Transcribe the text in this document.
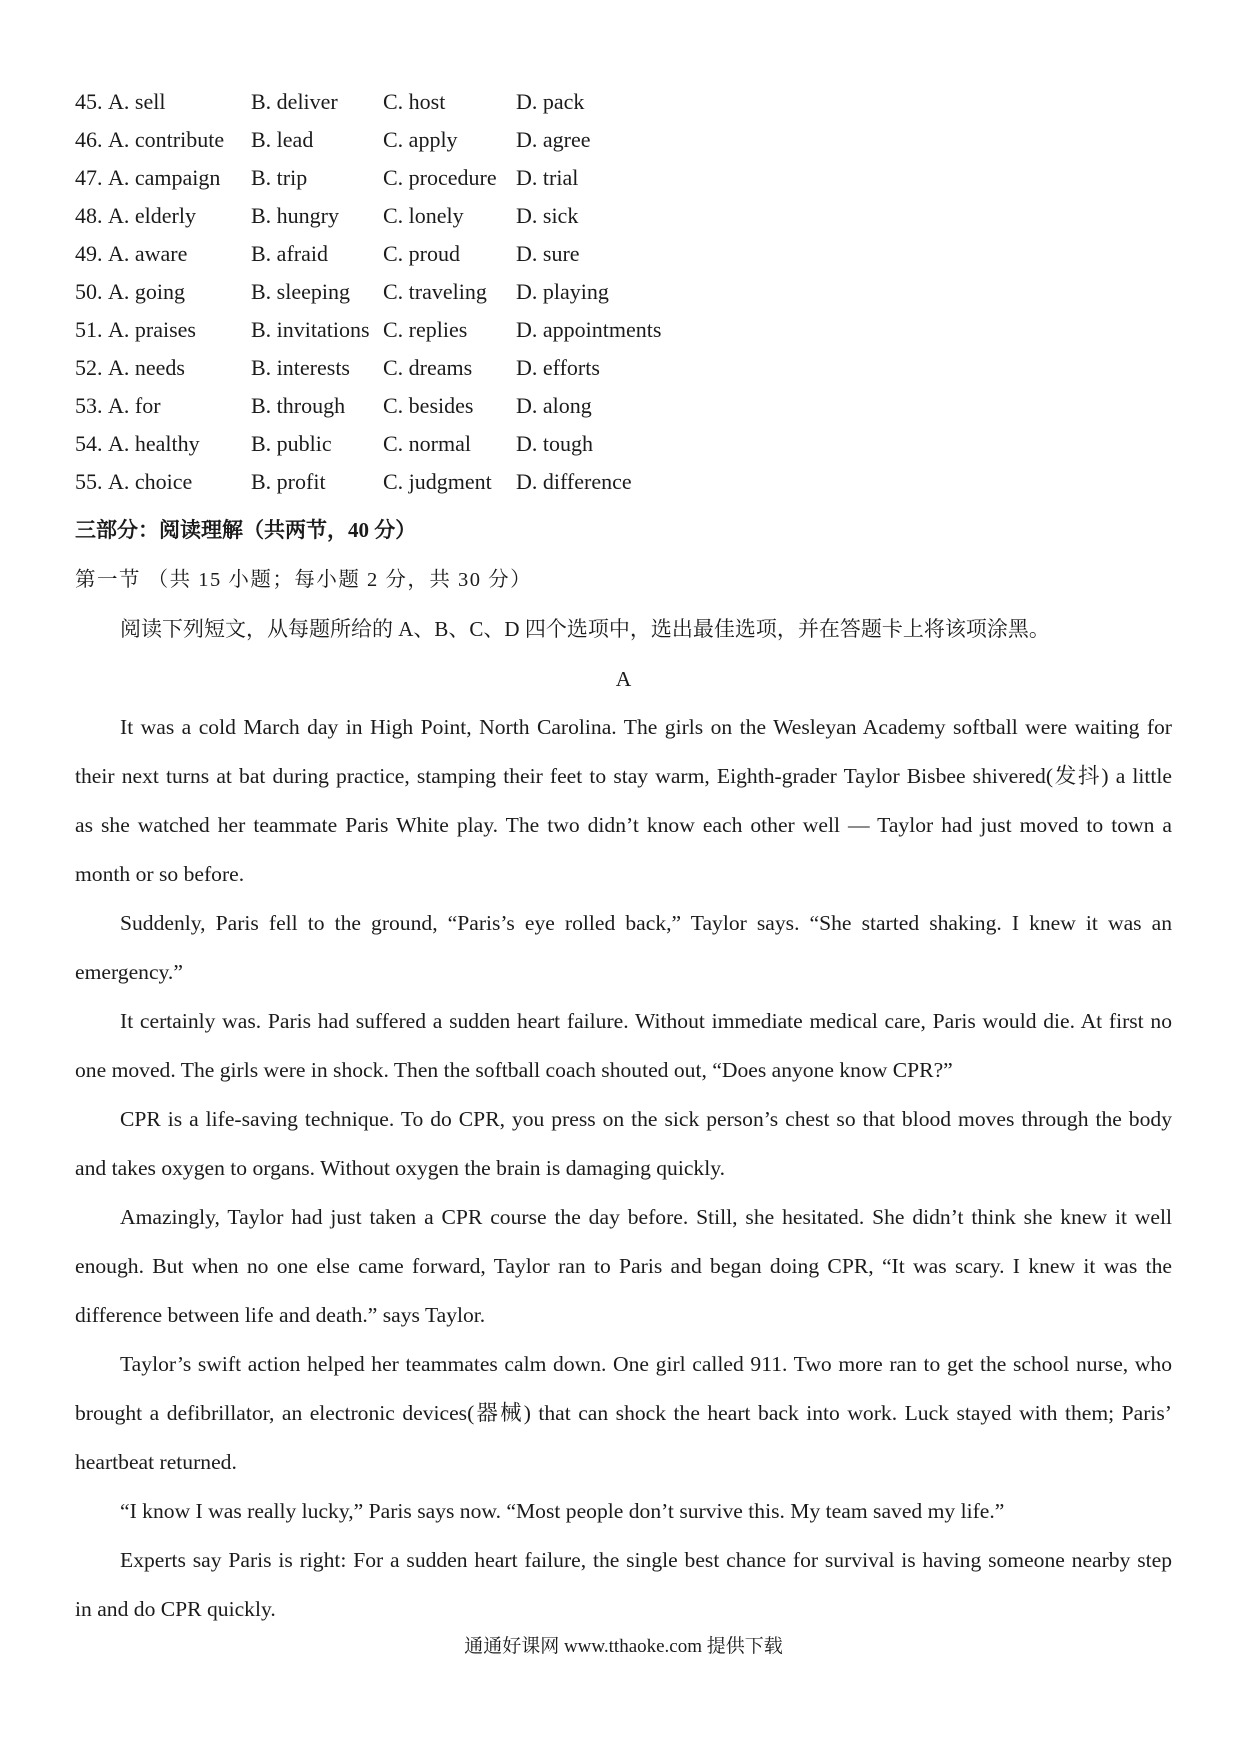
45. A. sell	B. deliver C. host	D. pack
46. A. contribute B. lead	C. apply	D. agree
47. A. campaign B. trip	C. procedure D. trial
48. A. elderly	B. hungry C. lonely D. sick
49. A. aware	B. afraid	C. proud	D. sure
50. A. going	B. sleeping C. traveling D. playing
51. A. praises	B. invitations C. replies D. appointments
52. A. needs	B. interests C. dreams D. efforts
53. A. for	B. through C. besides D. along
54. A. healthy B. public C. normal D. tough
55. A. choice	B. profit	C. judgment D. difference
三部分：阅读理解（共两节，40 分）
第一节 （共 15 小题；每小题 2 分，共 30 分）
阅读下列短文，从每题所给的 A、B、C、D 四个选项中，选出最佳选项，并在答题卡上将该项涂黑。
A
It was a cold March day in High Point, North Carolina. The girls on the Wesleyan Academy softball were waiting for
their next turns at bat during practice, stamping their feet to stay warm, Eighth-grader Taylor Bisbee shivered(发抖) a little
as she watched her teammate Paris White play. The two didn’t know each other well — Taylor had just moved to town a
month or so before.
Suddenly, Paris fell to the ground, “Paris’s eye rolled back,” Taylor says. “She started shaking. I knew it was an
emergency.”
It certainly was. Paris had suffered a sudden heart failure. Without immediate medical care, Paris would die. At first no
one moved. The girls were in shock. Then the softball coach shouted out, “Does anyone know CPR?”
CPR is a life-saving technique. To do CPR, you press on the sick person’s chest so that blood moves through the body
and takes oxygen to organs. Without oxygen the brain is damaging quickly.
Amazingly, Taylor had just taken a CPR course the day before. Still, she hesitated. She didn’t think she knew it well
enough. But when no one else came forward, Taylor ran to Paris and began doing CPR, “It was scary. I knew it was the
difference between life and death.” says Taylor.
Taylor’s swift action helped her teammates calm down. One girl called 911. Two more ran to get the school nurse, who
brought a defibrillator, an electronic devices(器械) that can shock the heart back into work. Luck stayed with them; Paris’
heartbeat returned.
“I know I was really lucky,” Paris says now. “Most people don’t survive this. My team saved my life.”
Experts say Paris is right: For a sudden heart failure, the single best chance for survival is having someone nearby step
in and do CPR quickly.
通通好课网 www.tthaoke.com 提供下载
